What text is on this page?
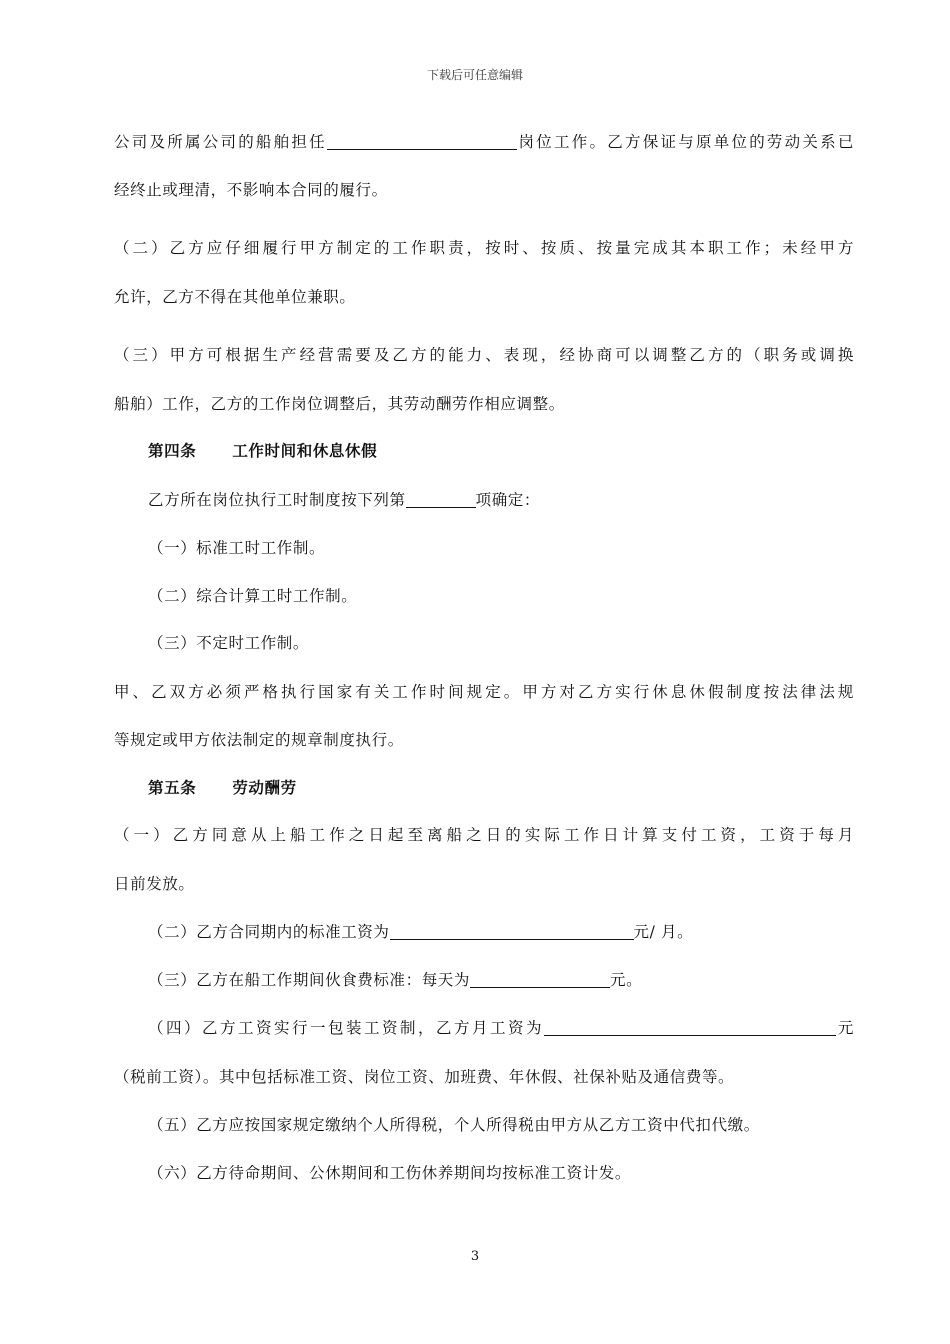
下载后可任意编辑
公司及所属公司的船舶担任	岗位工作。乙方保证与原单位的劳动关系已
经终止或理清，不影响本合同的履行。
（二）乙方应仔细履行甲方制定的工作职责，按时、按质、按量完成其本职工作；未经甲方
允许，乙方不得在其他单位兼职。
（三）甲方可根据生产经营需要及乙方的能力、表现，经协商可以调整乙方的（职务或调换
船舶）工作，乙方的工作岗位调整后，其劳动酬劳作相应调整。
第四条 工作时间和休息休假
乙方所在岗位执行工时制度按下列第	项确定：
（一）标准工时工作制。
（二）综合计算工时工作制。
（三）不定时工作制。
甲、乙双方必须严格执行国家有关工作时间规定。甲方对乙方实行休息休假制度按法律法规
等规定或甲方依法制定的规章制度执行。
第五条 劳动酬劳
（一）乙方同意从上船工作之日起至离船之日的实际工作日计算支付工资，工资于每月
日前发放。
（二）乙方合同期内的标准工资为	元/ 月。
（三）乙方在船工作期间伙食费标准：每天为	元。
（四）乙方工资实行一包装工资制，乙方月工资为	元
（税前工资）。其中包括标准工资、岗位工资、加班费、年休假、社保补贴及通信费等。
（五）乙方应按国家规定缴纳个人所得税，个人所得税由甲方从乙方工资中代扣代缴。
（六）乙方待命期间、公休期间和工伤休养期间均按标准工资计发。
3
